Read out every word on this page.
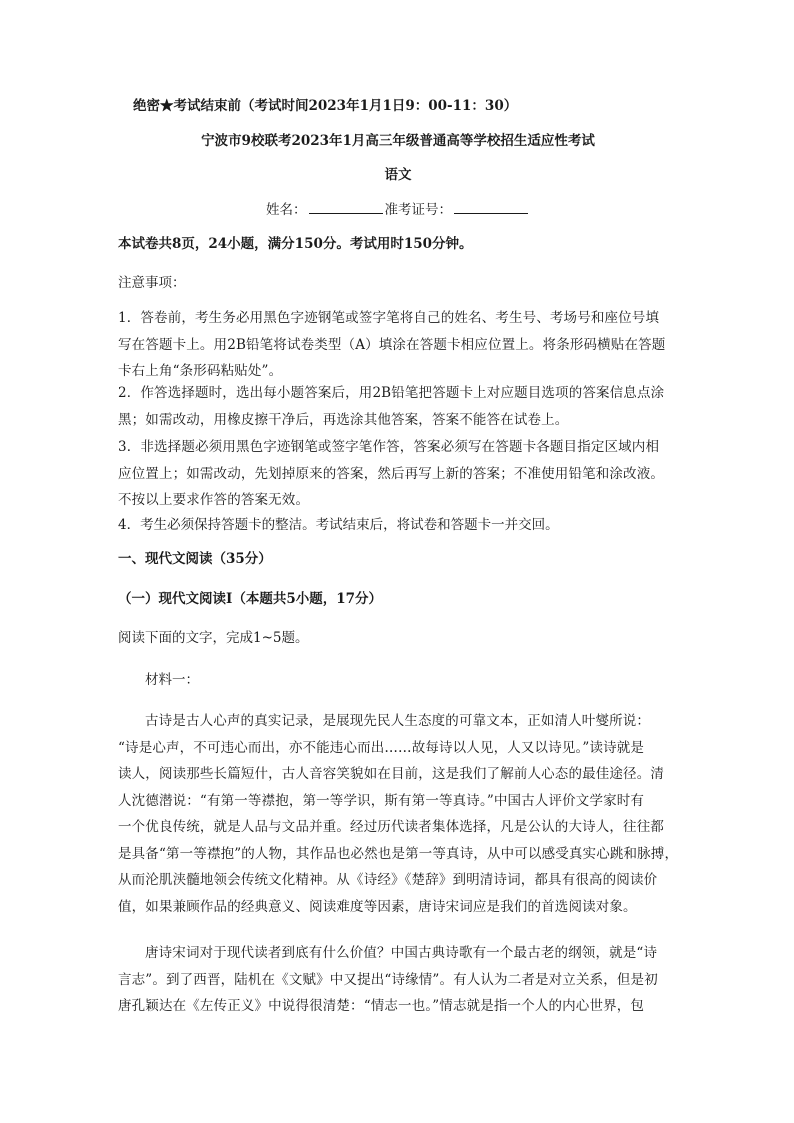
绝密★考试结束前（考试时间2023年1月1日9：00-11：30）
宁波市9校联考2023年1月高三年级普通高等学校招生适应性考试
语文
姓名：	准考证号：
本试卷共8页，24小题，满分150分。考试用时150分钟。
注意事项：
1．答卷前，考生务必用黑色字迹钢笔或签字笔将自己的姓名、考生号、考场号和座位号填
写在答题卡上。用2B铅笔将试卷类型（A）填涂在答题卡相应位置上。将条形码横贴在答题
卡右上角“条形码粘贴处”。
2．作答选择题时，选出每小题答案后，用2B铅笔把答题卡上对应题目选项的答案信息点涂
黑；如需改动，用橡皮擦干净后，再选涂其他答案，答案不能答在试卷上。
3．非选择题必须用黑色字迹钢笔或签字笔作答，答案必须写在答题卡各题目指定区域内相
应位置上；如需改动，先划掉原来的答案，然后再写上新的答案；不准使用铅笔和涂改液。
不按以上要求作答的答案无效。
4．考生必须保持答题卡的整洁。考试结束后，将试卷和答题卡一并交回。
一、现代文阅读（35分）
（一）现代文阅读Ⅰ（本题共5小题，17分）
阅读下面的文字，完成1~5题。
材料一：
古诗是古人心声的真实记录，是展现先民人生态度的可靠文本，正如清人叶燮所说：
“诗是心声，不可违心而出，亦不能违心而出……故每诗以人见，人又以诗见。”读诗就是
读人，阅读那些长篇短什，古人音容笑貌如在目前，这是我们了解前人心态的最佳途径。清
人沈德潜说：“有第一等襟抱，第一等学识，斯有第一等真诗。”中国古人评价文学家时有
一个优良传统，就是人品与文品并重。经过历代读者集体选择，凡是公认的大诗人，往往都
是具备“第一等襟抱”的人物，其作品也必然也是第一等真诗，从中可以感受真实心跳和脉搏，
从而沦肌浃髓地领会传统文化精神。从《诗经》《楚辞》到明清诗词，都具有很高的阅读价
值，如果兼顾作品的经典意义、阅读难度等因素，唐诗宋词应是我们的首选阅读对象。
唐诗宋词对于现代读者到底有什么价值？中国古典诗歌有一个最古老的纲领，就是“诗
言志”。到了西晋，陆机在《文赋》中又提出“诗缘情”。有人认为二者是对立关系，但是初
唐孔颖达在《左传正义》中说得很清楚：“情志一也。”情志就是指一个人的内心世界，包
